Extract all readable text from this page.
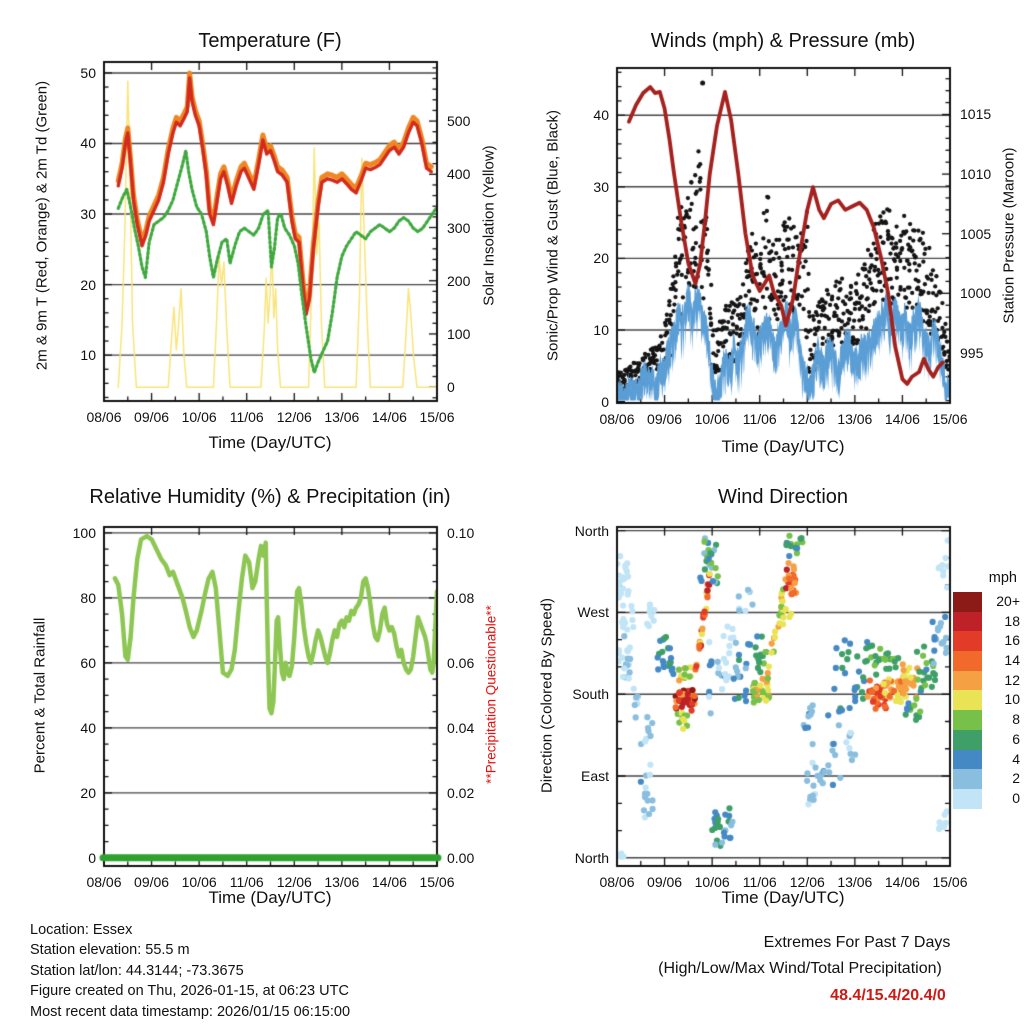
Temperature (F)	Winds (mph) & Pressure (mb)
Relative Humidity (%) & Precipitation (in)	Wind Direction
Time (Day/UTC)	Time (Day/UTC)
Time (Day/UTC)	Time (Day/UTC)
2m & 9m T (Red, Orange) & 2m Td (Green)	Solar Insolation (Yellow)	Sonic/Prop Wind & Gust (Blue, Black)	Station Pressure (Maroon)
Percent & Total Rainfall	**Precipitation Questionable**	Direction (Colored By Speed)
mph
20+
18
16
14
12
10
8
6
4
2
0
Extremes For Past 7 Days
(High/Low/Max Wind/Total Precipitation)
48.4/15.4/20.4/0
Location: Essex
Station elevation: 55.5 m
Station lat/lon: 44.3144; -73.3675
Figure created on Thu, 2026-01-15, at 06:23 UTC
Most recent data timestamp: 2026/01/15 06:15:00
08/06 09/06 10/06 11/06 12/06 13/06 14/06 15/06
10
20
30
40
50
0
100
200
300
400
500
08/06 09/06 10/06 11/06 12/06 13/06 14/06 15/06
0
10
20
30
40
995
1000
1005
1010
1015
08/06 09/06 10/06 11/06 12/06 13/06 14/06 15/06
0
20
40
60
80
100
0.00
0.02
0.04
0.06
0.08
0.10
08/06 09/06 10/06 11/06 12/06 13/06 14/06 15/06
North
West
South
East
North
